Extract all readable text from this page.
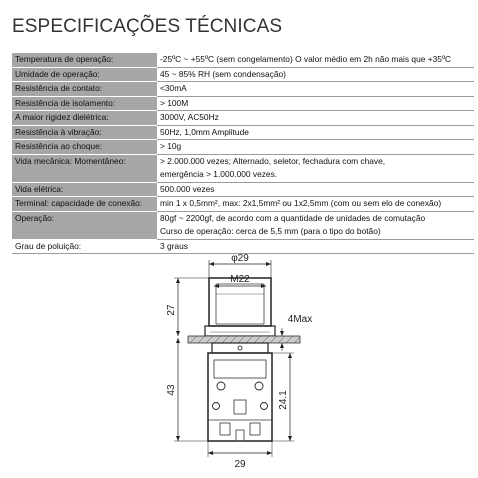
ESPECIFICAÇÕES TÉCNICAS
Temperatura de operação:	-25ºC ~ +55ºC (sem congelamento) O valor médio em 2h não mais que +35ºC

Umidade de operação:	45 ~ 85% RH (sem condensação)

Resistência de contato:	<30mA

Resistência de isolamento:	> 100M

A maior rigidez dielétrica:	3000V, AC50Hz

Resistência à vibração:	50Hz, 1,0mm Amplitude

Resistência ao choque:	> 10g

Vida mecânica: Momentâneo:	> 2.000.000 vezes; Alternado, seletor, fechadura com chave,
emergência > 1.000.000 vezes.

Vida elétrica:	500.000 vezes

Terminal: capacidade de conexão:	min 1 x 0,5mm², max: 2x1,5mm² ou 1x2,5mm (com ou sem elo de conexão)

Operação:	80gf ~ 2200gf, de acordo com a quantidade de unidades de comutação
Curso de operação: cerca de 5,5 mm (para o tipo do botão)

Grau de poluição:	3 graus
φ29
M22
27
4Max
43
24.1
29
